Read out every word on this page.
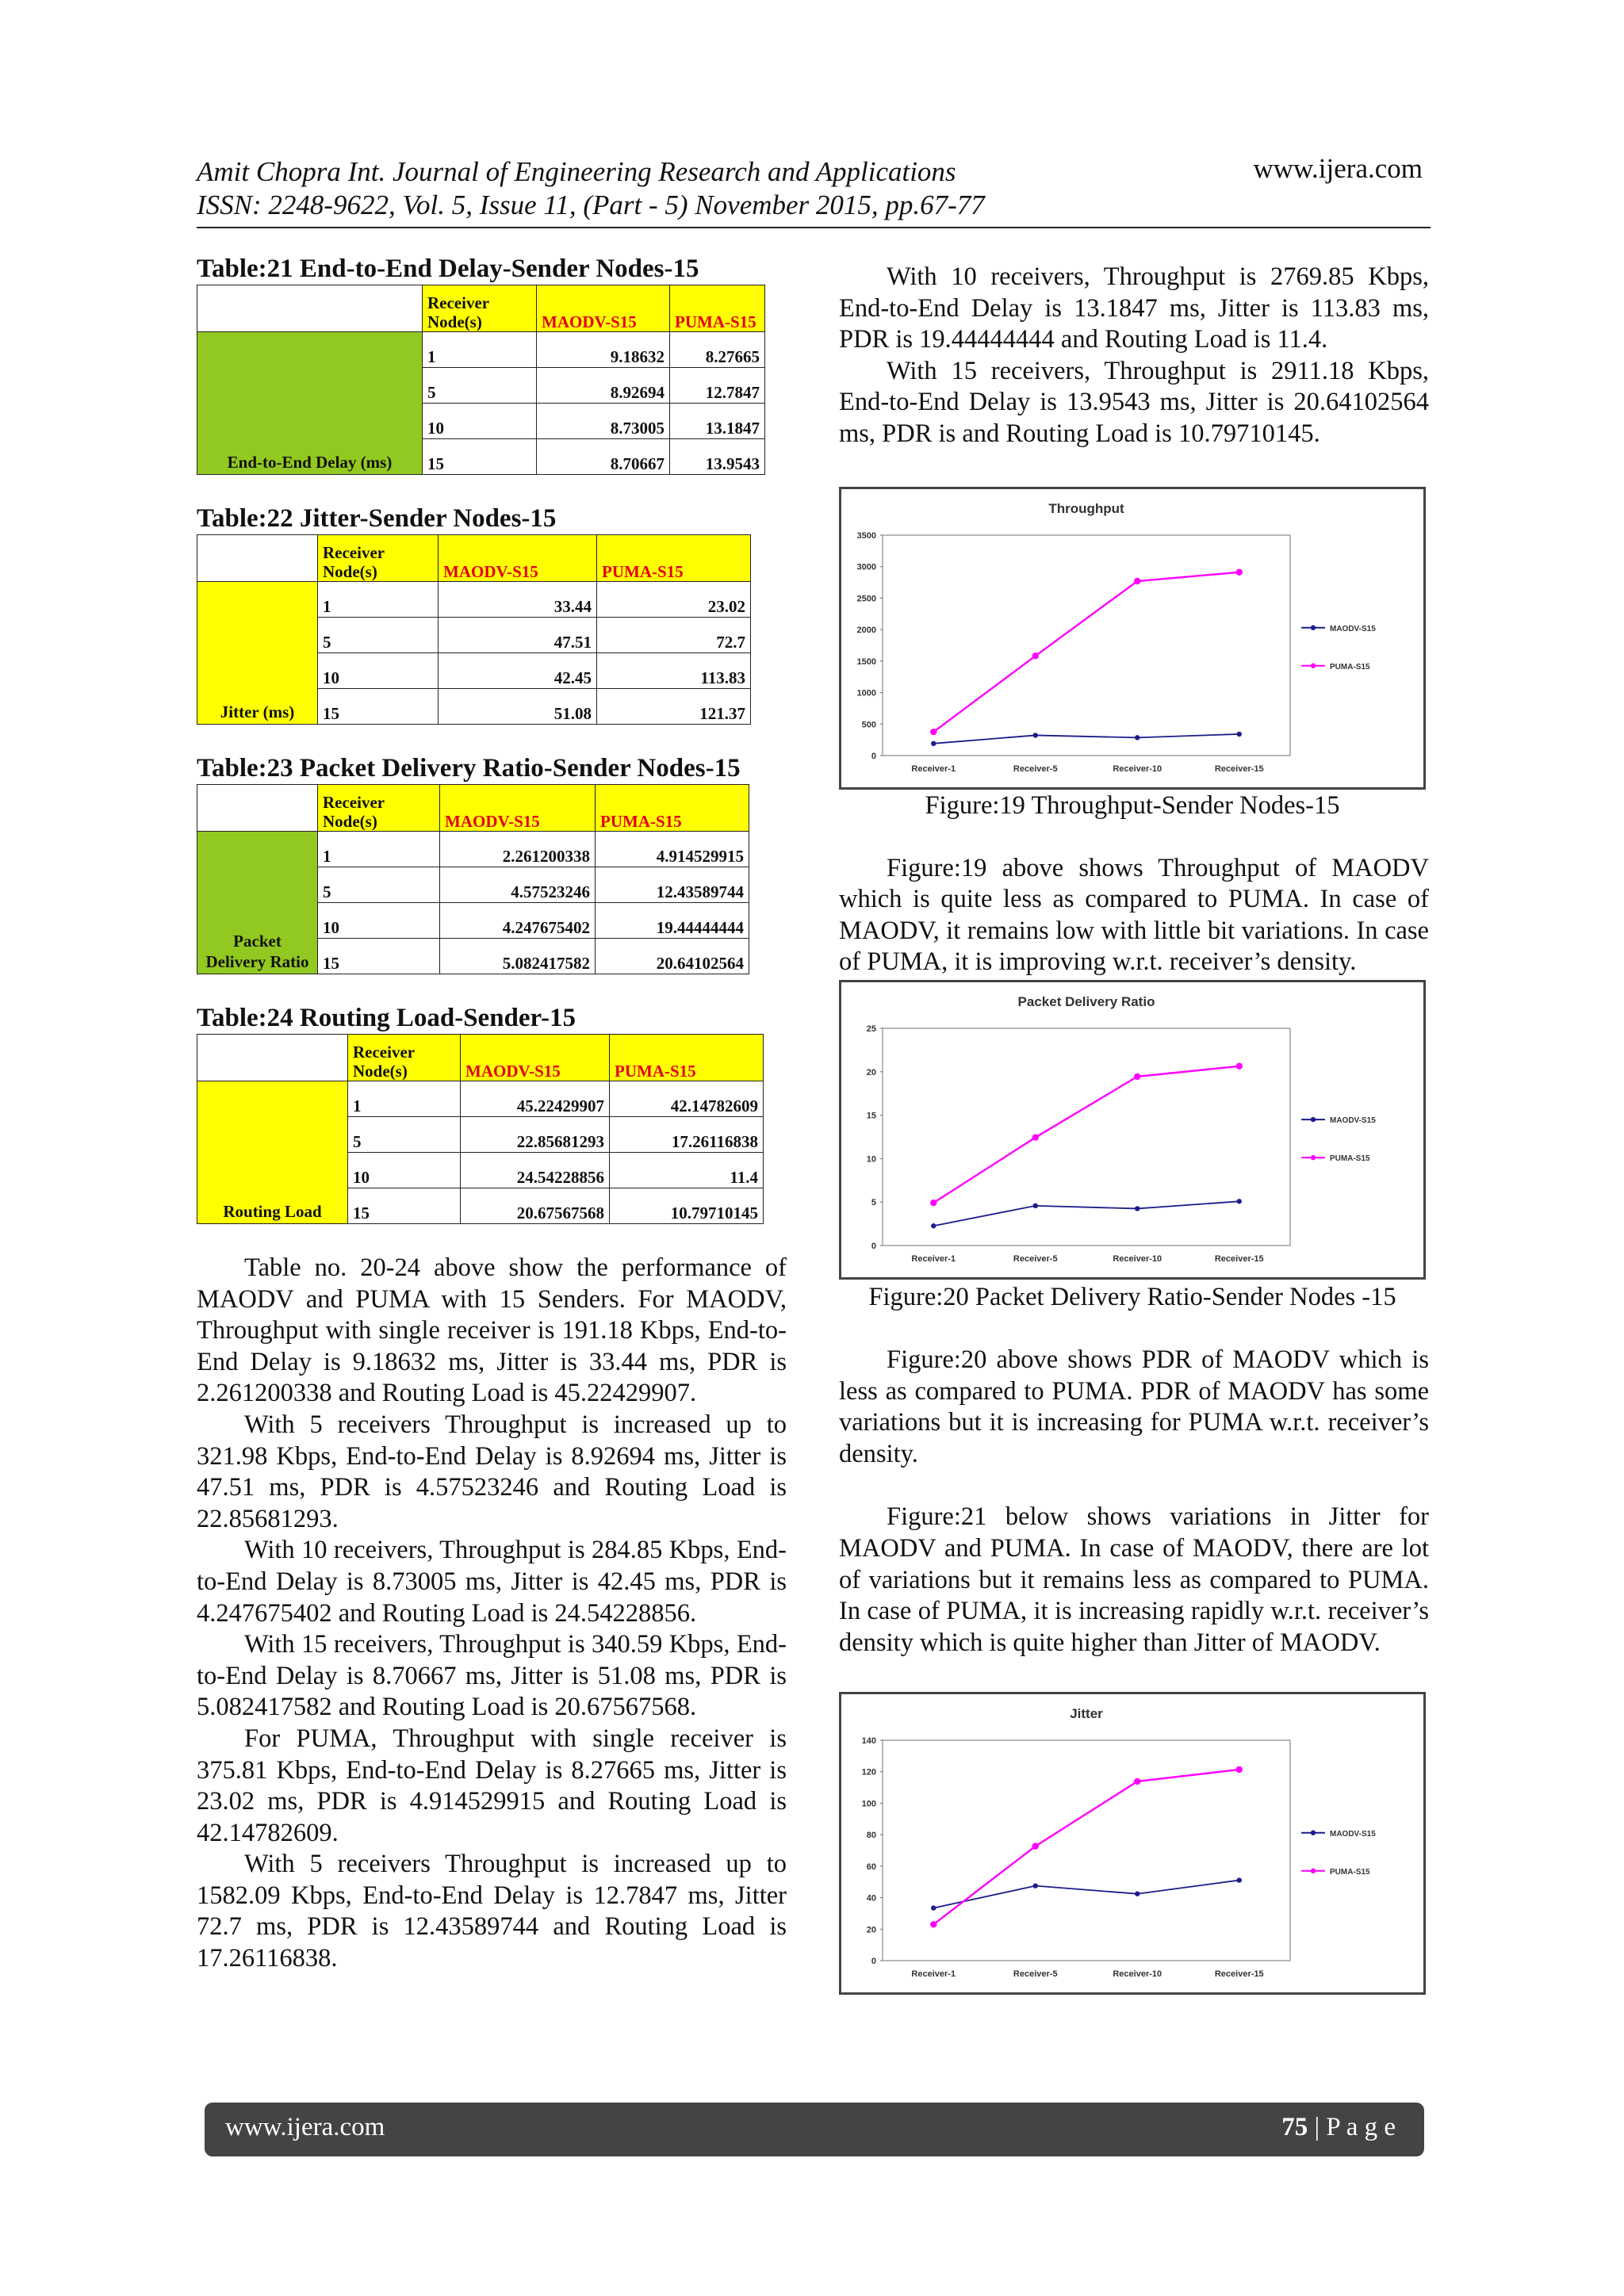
Amit Chopra Int. Journal of Engineering Research and Applications
ISSN: 2248-9622, Vol. 5, Issue 11, (Part - 5) November 2015, pp.67-77
www.ijera.com
Table:21 End-to-End Delay-Sender Nodes-15
	Receiver Node(s)	MAODV-S15	PUMA-S15
End-to-End Delay (ms)	1	9.18632	8.27665
	5	8.92694	12.7847
	10	8.73005	13.1847
	15	8.70667	13.9543
Table:22 Jitter-Sender Nodes-15
	Receiver Node(s)	MAODV-S15	PUMA-S15
Jitter (ms)	1	33.44	23.02
	5	47.51	72.7
	10	42.45	113.83
	15	51.08	121.37
Table:23 Packet Delivery Ratio-Sender Nodes-15
	Receiver Node(s)	MAODV-S15	PUMA-S15
Packet Delivery Ratio	1	2.261200338	4.914529915
	5	4.57523246	12.43589744
	10	4.247675402	19.44444444
	15	5.082417582	20.64102564
Table:24 Routing Load-Sender-15
	Receiver Node(s)	MAODV-S15	PUMA-S15
Routing Load	1	45.22429907	42.14782609
	5	22.85681293	17.26116838
	10	24.54228856	11.4
	15	20.67567568	10.79710145

Table no. 20-24 above show the performance of MAODV and PUMA with 15 Senders. For MAODV, Throughput with single receiver is 191.18 Kbps, End-to-End Delay is 9.18632 ms, Jitter is 33.44 ms, PDR is 2.261200338 and Routing Load is 45.22429907.

With 5 receivers Throughput is increased up to 321.98 Kbps, End-to-End Delay is 8.92694 ms, Jitter is 47.51 ms, PDR is 4.57523246 and Routing Load is 22.85681293.

With 10 receivers, Throughput is 284.85 Kbps, End-to-End Delay is 8.73005 ms, Jitter is 42.45 ms, PDR is 4.247675402 and Routing Load is 24.54228856.

With 15 receivers, Throughput is 340.59 Kbps, End-to-End Delay is 8.70667 ms, Jitter is 51.08 ms, PDR is 5.082417582 and Routing Load is 20.67567568.

For PUMA, Throughput with single receiver is 375.81 Kbps, End-to-End Delay is 8.27665 ms, Jitter is 23.02 ms, PDR is 4.914529915 and Routing Load is 42.14782609.

With 5 receivers Throughput is increased up to 1582.09 Kbps, End-to-End Delay is 12.7847 ms, Jitter 72.7 ms, PDR is 12.43589744 and Routing Load is 17.26116838.

With 10 receivers, Throughput is 2769.85 Kbps, End-to-End Delay is 13.1847 ms, Jitter is 113.83 ms, PDR is 19.44444444 and Routing Load is 11.4.

With 15 receivers, Throughput is 2911.18 Kbps, End-to-End Delay is 13.9543 ms, Jitter is 20.64102564 ms, PDR is and Routing Load is 10.79710145.

Throughput
0
500
1000
1500
2000
2500
3000
3500
Receiver-1	Receiver-5	Receiver-10	Receiver-15
MAODV-S15
PUMA-S15
Figure:19 Throughput-Sender Nodes-15

Figure:19 above shows Throughput of MAODV which is quite less as compared to PUMA. In case of MAODV, it remains low with little bit variations. In case of PUMA, it is improving w.r.t. receiver’s density.

Packet Delivery Ratio
0
5
10
15
20
25
Receiver-1	Receiver-5	Receiver-10	Receiver-15
MAODV-S15
PUMA-S15
Figure:20 Packet Delivery Ratio-Sender Nodes -15

Figure:20 above shows PDR of MAODV which is less as compared to PUMA. PDR of MAODV has some variations but it is increasing for PUMA w.r.t. receiver’s density.

Figure:21 below shows variations in Jitter for MAODV and PUMA. In case of MAODV, there are lot of variations but it remains less as compared to PUMA. In case of PUMA, it is increasing rapidly w.r.t. receiver’s density which is quite higher than Jitter of MAODV.

Jitter
0
20
40
60
80
100
120
140
Receiver-1	Receiver-5	Receiver-10	Receiver-15
MAODV-S15
PUMA-S15
www.ijera.com	75 | P a g e
